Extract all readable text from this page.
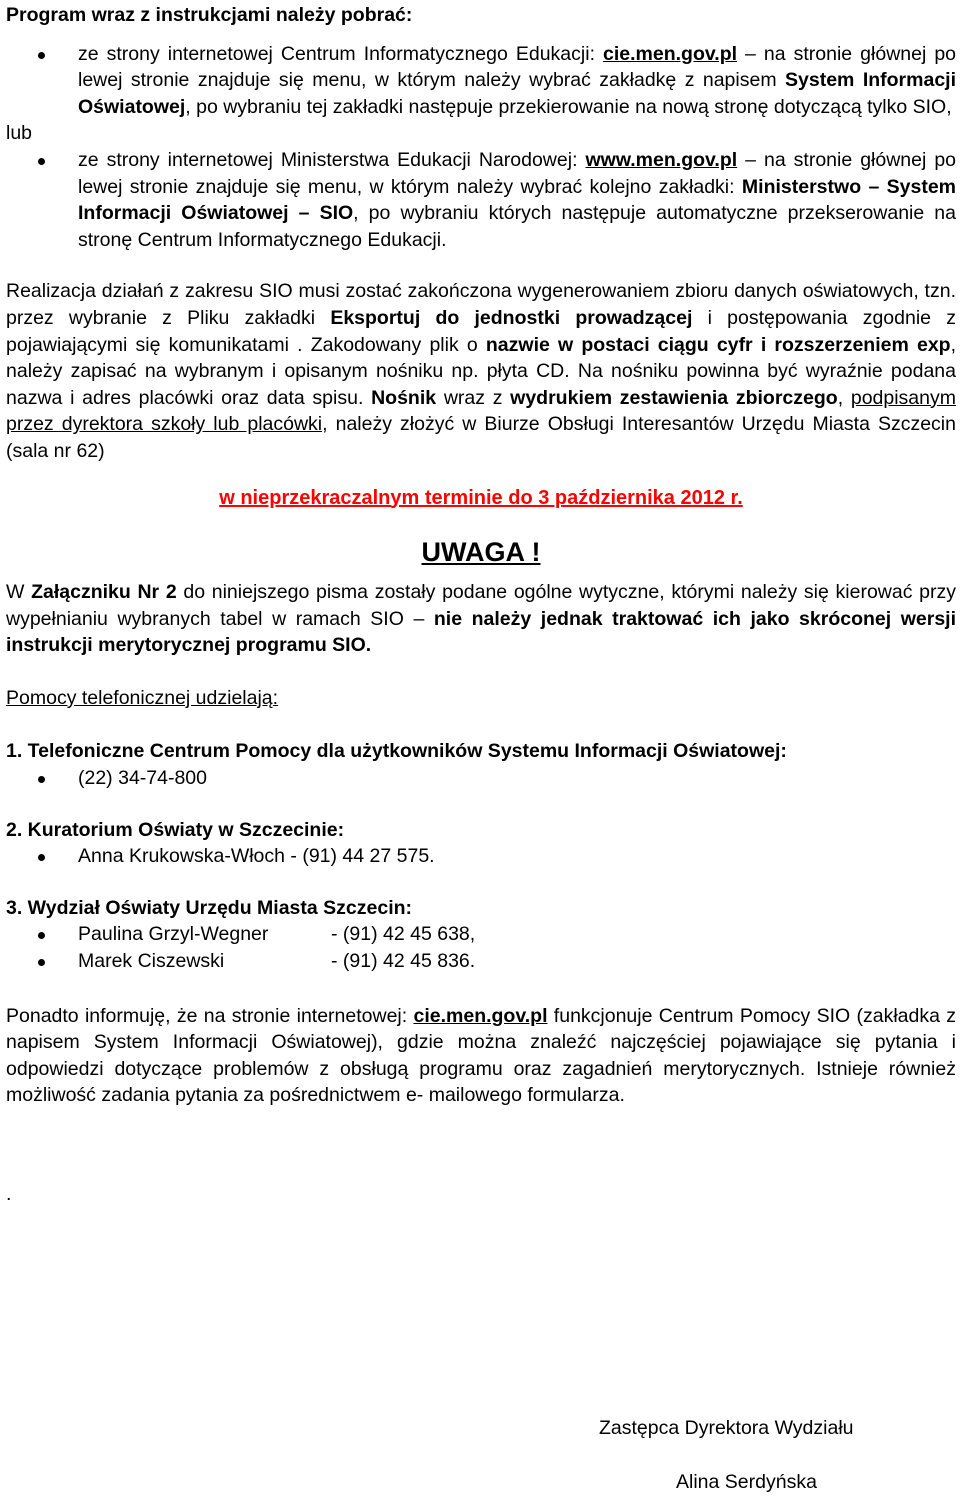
Program wraz z instrukcjami należy pobrać:
ze strony internetowej Centrum Informatycznego Edukacji: cie.men.gov.pl – na stronie głównej po lewej stronie znajduje się menu, w którym należy wybrać zakładkę z napisem System Informacji Oświatowej, po wybraniu tej zakładki następuje przekierowanie na nową stronę dotyczącą tylko SIO,
lub
ze strony internetowej Ministerstwa Edukacji Narodowej: www.men.gov.pl – na stronie głównej po lewej stronie znajduje się menu, w którym należy wybrać kolejno zakładki: Ministerstwo – System Informacji Oświatowej – SIO, po wybraniu których następuje automatyczne przekserowanie na stronę Centrum Informatycznego Edukacji.
Realizacja działań z zakresu SIO musi zostać zakończona wygenerowaniem zbioru danych oświatowych, tzn. przez wybranie z Pliku zakładki Eksportuj do jednostki prowadzącej i postępowania zgodnie z pojawiającymi się komunikatami . Zakodowany plik o nazwie w postaci ciągu cyfr i rozszerzeniem exp, należy zapisać na wybranym i opisanym nośniku np. płyta CD. Na nośniku powinna być wyraźnie podana nazwa i adres placówki oraz data spisu. Nośnik wraz z wydrukiem zestawienia zbiorczego, podpisanym przez dyrektora szkoły lub placówki, należy złożyć w Biurze Obsługi Interesantów Urzędu Miasta Szczecin (sala nr 62)
w nieprzekraczalnym terminie do 3 października 2012 r.
UWAGA !
W Załączniku Nr 2 do niniejszego pisma zostały podane ogólne wytyczne, którymi należy się kierować przy wypełnianiu wybranych tabel w ramach SIO – nie należy jednak traktować ich jako skróconej wersji instrukcji merytorycznej programu SIO.
Pomocy telefonicznej udzielają:
1. Telefoniczne Centrum Pomocy dla użytkowników Systemu Informacji Oświatowej:
(22) 34-74-800
2. Kuratorium Oświaty w Szczecinie:
Anna Krukowska-Włoch - (91) 44 27 575.
3. Wydział Oświaty Urzędu Miasta Szczecin:
Paulina Grzyl-Wegner	- (91) 42 45 638,
Marek Ciszewski	- (91) 42 45 836.
Ponadto informuję, że na stronie internetowej: cie.men.gov.pl funkcjonuje Centrum Pomocy SIO (zakładka z napisem System Informacji Oświatowej), gdzie można znaleźć najczęściej pojawiające się pytania i odpowiedzi dotyczące problemów z obsługą programu oraz zagadnień merytorycznych. Istnieje również możliwość zadania pytania za pośrednictwem e- mailowego formularza.
.
Zastępca Dyrektora Wydziału
Alina Serdyńska
